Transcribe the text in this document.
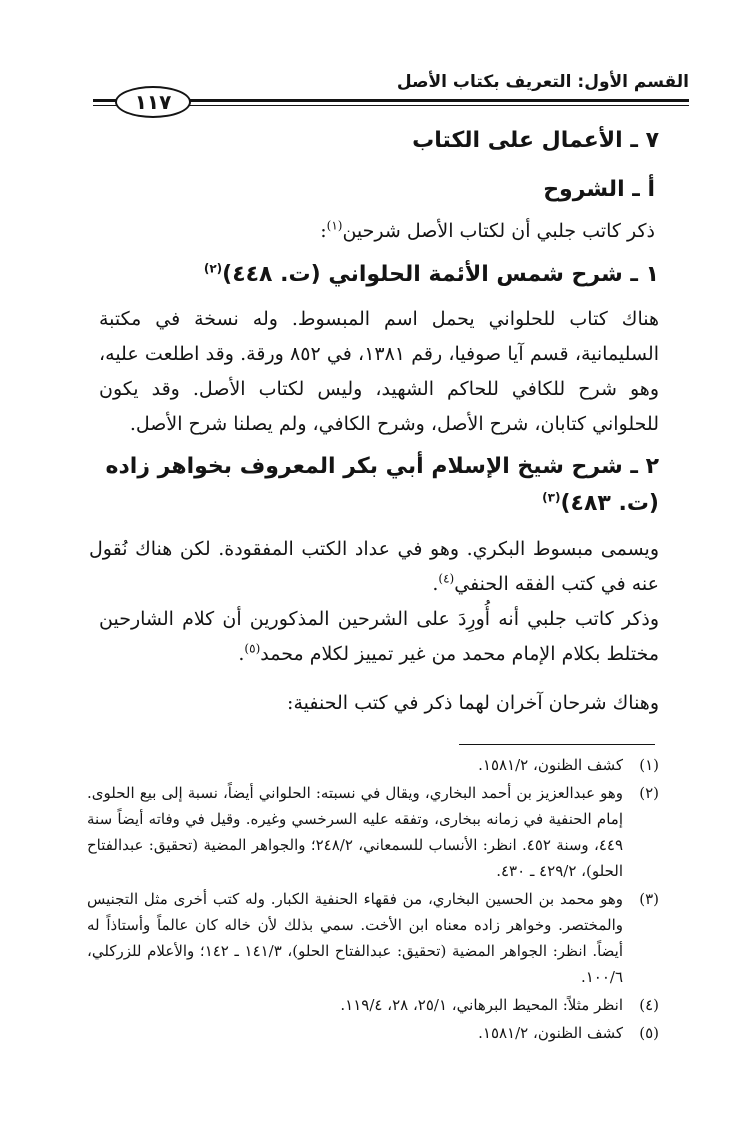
القسم الأول: التعريف بكتاب الأصل
١١٧
٧ ـ الأعمال على الكتاب
أ ـ الشروح

ذكر كاتب جلبي أن لكتاب الأصل شرحين$^{(١)}$:

١ ـ شرح شمس الأئمة الحلواني (ت. ٤٤٨)$^{(٢)}$

هناك كتاب للحلواني يحمل اسم المبسوط. وله نسخة في مكتبة السليمانية، قسم آيا صوفيا، رقم ١٣٨١، في ٨٥٢ ورقة. وقد اطلعت عليه، وهو شرح للكافي للحاكم الشهيد، وليس لكتاب الأصل. وقد يكون للحلواني كتابان، شرح الأصل، وشرح الكافي، ولم يصلنا شرح الأصل.

٢ ـ شرح شيخ الإسلام أبي بكر المعروف بخواهر زاده (ت. ٤٨٣)$^{(٣)}$

ويسمى مبسوط البكري. وهو في عداد الكتب المفقودة. لكن هناك نُقول عنه في كتب الفقه الحنفي$^{(٤)}$.

وذكر كاتب جلبي أنه أُورِدَ على الشرحين المذكورين أن كلام الشارحين مختلط بكلام الإمام محمد من غير تمييز لكلام محمد$^{(٥)}$.

وهناك شرحان آخران لهما ذكر في كتب الحنفية:

(١)
كشف الظنون، ١٥٨١/٢.
(٢)
وهو عبدالعزيز بن أحمد البخاري، ويقال في نسبته: الحلواني أيضاً، نسبة إلى بيع الحلوى. إمام الحنفية في زمانه ببخارى، وتفقه عليه السرخسي وغيره. وقيل في وفاته أيضاً سنة ٤٤٩، وسنة ٤٥٢. انظر: الأنساب للسمعاني، ٢٤٨/٢؛ والجواهر المضية (تحقيق: عبدالفتاح الحلو)، ٤٢٩/٢ ـ ٤٣٠.
(٣)
وهو محمد بن الحسين البخاري، من فقهاء الحنفية الكبار. وله كتب أخرى مثل التجنيس والمختصر. وخواهر زاده معناه ابن الأخت. سمي بذلك لأن خاله كان عالماً وأستاذاً له أيضاً. انظر: الجواهر المضية (تحقيق: عبدالفتاح الحلو)، ١٤١/٣ ـ ١٤٢؛ والأعلام للزركلي، ١٠٠/٦.
(٤)
انظر مثلاً: المحيط البرهاني، ٢٥/١، ٢٨، ١١٩/٤.
(٥)
كشف الظنون، ١٥٨١/٢.
